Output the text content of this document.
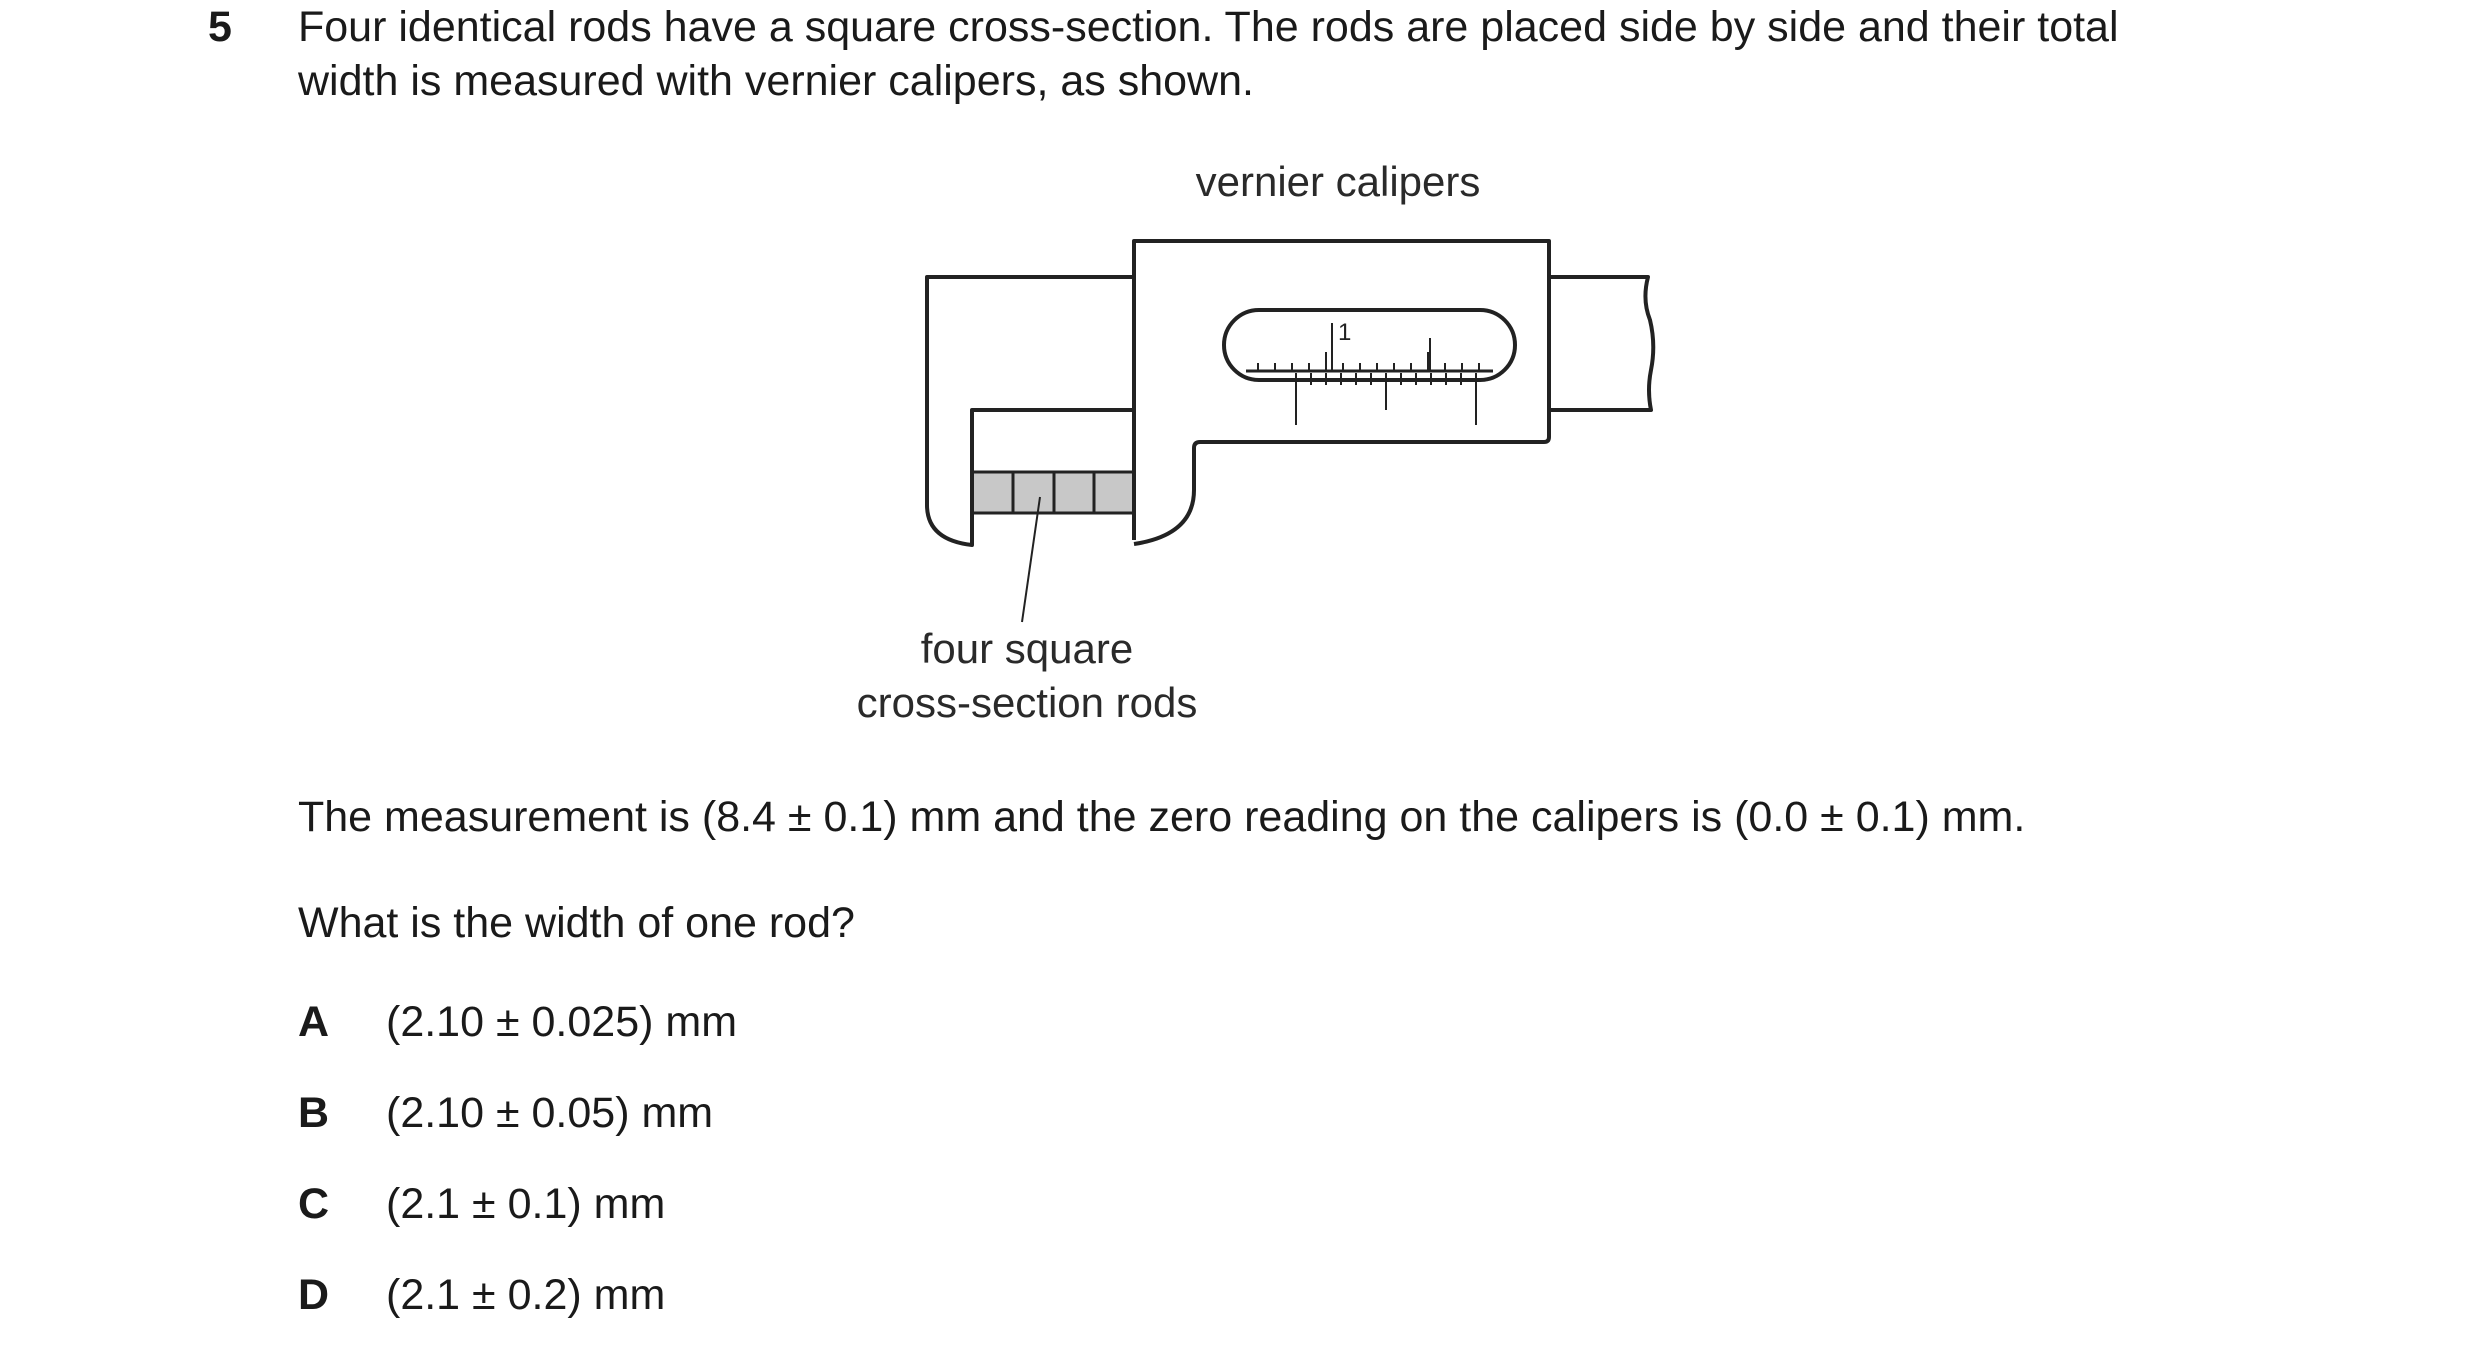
5 Four identical rods have a square cross-section. The rods are placed side by side and their total
width is measured with vernier calipers, as shown.
vernier calipers
1
four square
cross-section rods
The measurement is (8.4 ± 0.1) mm and the zero reading on the calipers is (0.0 ± 0.1) mm.
What is the width of one rod?
A (2.10 ± 0.025) mm
B (2.10 ± 0.05) mm
C (2.1 ± 0.1) mm
D (2.1 ± 0.2) mm
